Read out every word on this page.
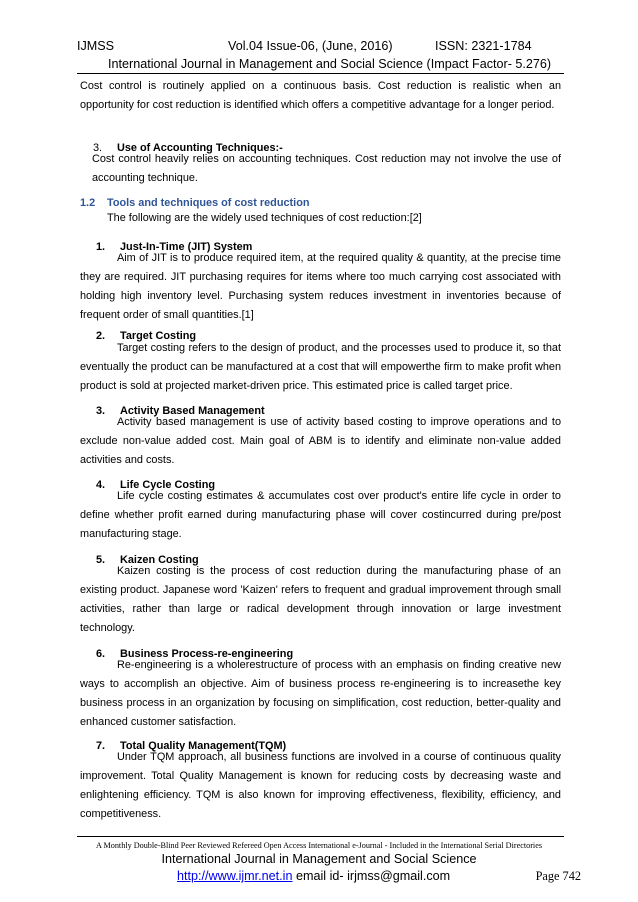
IJMSS	Vol.04 Issue-06, (June, 2016)	ISSN: 2321-1784
International Journal in Management and Social Science (Impact Factor- 5.276)

Cost control is routinely applied on a continuous basis. Cost reduction is realistic when an opportunity for cost reduction is identified which offers a competitive advantage for a longer period.

3. Use of Accounting Techniques:-

Cost control heavily relies on accounting techniques. Cost reduction may not involve the use of accounting technique.

1.2 Tools and techniques of cost reduction
The following are the widely used techniques of cost reduction:[2]
1. Just-In-Time (JIT) System

Aim of JIT is to produce required item, at the required quality & quantity, at the precise time they are required. JIT purchasing requires for items where too much carrying cost associated with holding high inventory level. Purchasing system reduces investment in inventories because of frequent order of small quantities.[1]

2. Target Costing

Target costing refers to the design of product, and the processes used to produce it, so that eventually the product can be manufactured at a cost that will empowerthe firm to make profit when product is sold at projected market-driven price. This estimated price is called target price.

3. Activity Based Management

Activity based management is use of activity based costing to improve operations and to exclude non-value added cost. Main goal of ABM is to identify and eliminate non-value added activities and costs.

4. Life Cycle Costing

Life cycle costing estimates & accumulates cost over product's entire life cycle in order to define whether profit earned during manufacturing phase will cover costincurred during pre/post manufacturing stage.

5. Kaizen Costing

Kaizen costing is the process of cost reduction during the manufacturing phase of an existing product. Japanese word 'Kaizen' refers to frequent and gradual improvement through small activities, rather than large or radical development through innovation or large investment technology.

6. Business Process-re-engineering

Re-engineering is a wholerestructure of process with an emphasis on finding creative new ways to accomplish an objective. Aim of business process re-engineering is to increasethe key business process in an organization by focusing on simplification, cost reduction, better-quality and enhanced customer satisfaction.

7. Total Quality Management(TQM)

Under TQM approach, all business functions are involved in a course of continuous quality improvement. Total Quality Management is known for reducing costs by decreasing waste and enlightening efficiency. TQM is also known for improving effectiveness, flexibility, efficiency, and competitiveness.

A Monthly Double-Blind Peer Reviewed Refereed Open Access International e-Journal - Included in the International Serial Directories
International Journal in Management and Social Science
http://www.ijmr.net.in email id- irjmss@gmail.com	Page 742
